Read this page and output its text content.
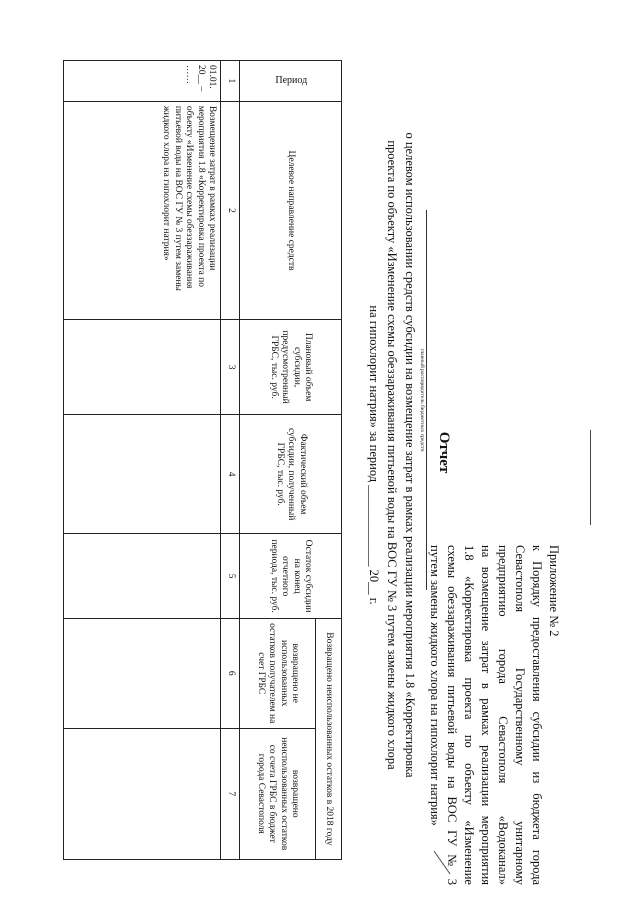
Приложение № 2
к Порядку предоставления субсидии из бюджета города
Севастополя Государственному унитарному
предприятию города Севастополя «Водоканал»
на возмещение затрат в рамках реализации мероприятия
1.8 «Корректировка проекта по объекту «Изменение
схемы обеззараживания питьевой воды на ВОС ГУ № 3
путем замены жидкого хлора на гипохлорит натрия»
Отчет
главный распорядитель бюджетных средств
о целевом использовании средств субсидии на возмещение затрат в рамках реализации мероприятия 1.8 «Корректировка
проекта по объекту «Изменение схемы обеззараживания питьевой воды на ВОС ГУ № 3 путем замены жидкого хлора
на гипохлорит натрия» за период _____________ 20__ г.
Период	Целевое направление средств	Плановый объем субсидии, предусмотренный ГРБС, тыс. руб.	Фактический объем субсидии, полученный ГРБС, тыс. руб.	Остаток субсидии на конец отчетного периода, тыс. руб.	Возвращено неиспользованных остатков в 2018 году	
					возвращено не использованных остатков получателем на счет ГРБС	возвращено неиспользованных остатков со счета ГРБС в бюджет города Севастополя
1	2	3	4	5	6	7
01.01. 20__ – ……	Возмещение затрат в рамках реализации мероприятия 1.8 «Корректировка проекта по объекту «Изменение схемы обеззараживания питьевой воды на ВОС ГУ № 3 путем замены жидкого хлора на гипохлорит натрия»					
